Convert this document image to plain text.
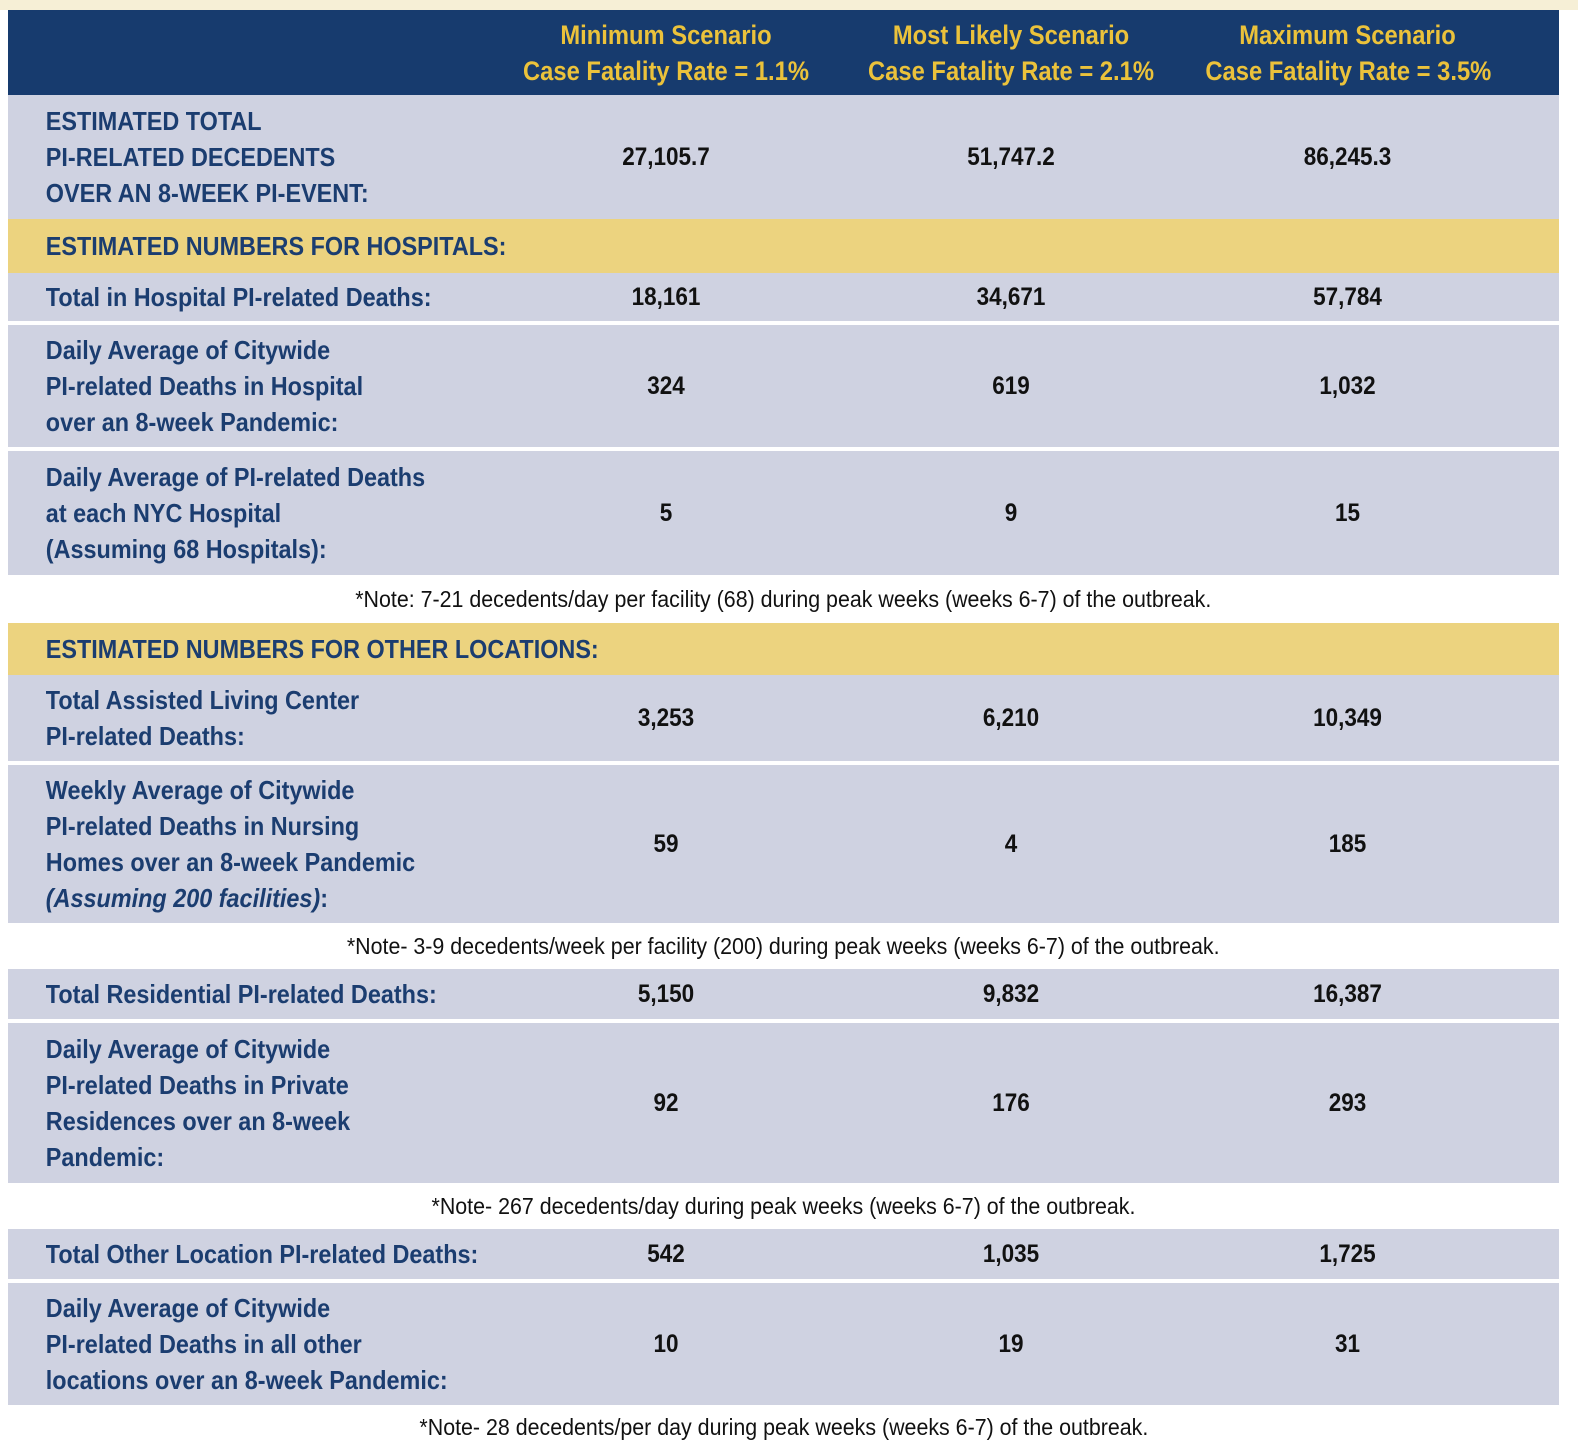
Minimum Scenario
Case Fatality Rate = 1.1%
Most Likely Scenario
Case Fatality Rate = 2.1%
Maximum Scenario
Case Fatality Rate = 3.5%
ESTIMATED TOTAL
PI-RELATED DECEDENTS
OVER AN 8-WEEK PI-EVENT:
27,105.7	51,747.2	86,245.3
ESTIMATED NUMBERS FOR HOSPITALS:
Total in Hospital PI-related Deaths:	18,161	34,671	57,784
Daily Average of Citywide
PI-related Deaths in Hospital
over an 8-week Pandemic:
324	619	1,032
Daily Average of PI-related Deaths
at each NYC Hospital
(Assuming 68 Hospitals):
5	9	15
*Note: 7-21 decedents/day per facility (68) during peak weeks (weeks 6-7) of the outbreak.
ESTIMATED NUMBERS FOR OTHER LOCATIONS:
Total Assisted Living Center
PI-related Deaths:
3,253	6,210	10,349
Weekly Average of Citywide
PI-related Deaths in Nursing
Homes over an 8-week Pandemic
(Assuming 200 facilities):
59	4	185
*Note- 3-9 decedents/week per facility (200) during peak weeks (weeks 6-7) of the outbreak.
Total Residential PI-related Deaths:	5,150	9,832	16,387
Daily Average of Citywide
PI-related Deaths in Private
Residences over an 8-week
Pandemic:
92	176	293
*Note- 267 decedents/day during peak weeks (weeks 6-7) of the outbreak.
Total Other Location PI-related Deaths:	542	1,035	1,725
Daily Average of Citywide
PI-related Deaths in all other
locations over an 8-week Pandemic:
10	19	31
*Note- 28 decedents/per day during peak weeks (weeks 6-7) of the outbreak.
